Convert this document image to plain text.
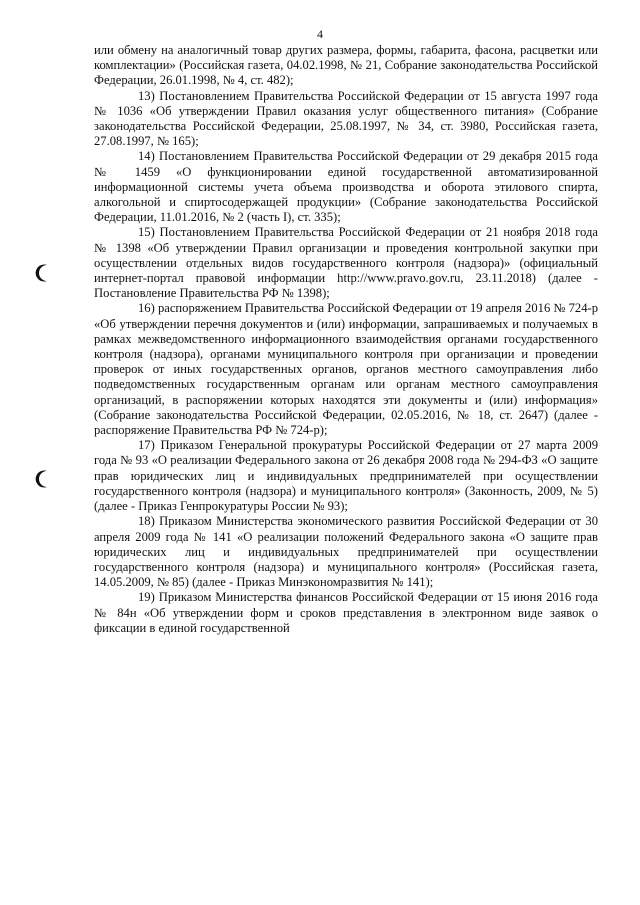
4

или обмену на аналогичный товар других размера, формы, габарита, фасона, расцветки или комплектации» (Российская газета, 04.02.1998, № 21, Собрание законодательства Российской Федерации, 26.01.1998, № 4, ст. 482);

13) Постановлением Правительства Российской Федерации от 15 августа 1997 года № 1036 «Об утверждении Правил оказания услуг общественного питания» (Собрание законодательства Российской Федерации, 25.08.1997, № 34, ст. 3980, Российская газета, 27.08.1997, № 165);

14) Постановлением Правительства Российской Федерации от 29 декабря 2015 года № 1459 «О функционировании единой государственной автоматизированной информационной системы учета объема производства и оборота этилового спирта, алкогольной и спиртосодержащей продукции» (Собрание законодательства Российской Федерации, 11.01.2016, № 2 (часть I), ст. 335);

15) Постановлением Правительства Российской Федерации от 21 ноября 2018 года № 1398 «Об утверждении Правил организации и проведения контрольной закупки при осуществлении отдельных видов государственного контроля (надзора)» (официальный интернет-портал правовой информации http://www.pravo.gov.ru, 23.11.2018) (далее - Постановление Правительства РФ № 1398);

16) распоряжением Правительства Российской Федерации от 19 апреля 2016 № 724-р «Об утверждении перечня документов и (или) информации, запрашиваемых и получаемых в рамках межведомственного информационного взаимодействия органами государственного контроля (надзора), органами муниципального контроля при организации и проведении проверок от иных государственных органов, органов местного самоуправления либо подведомственных государственным органам или органам местного самоуправления организаций, в распоряжении которых находятся эти документы и (или) информация» (Собрание законодательства Российской Федерации, 02.05.2016, № 18, ст. 2647) (далее - распоряжение Правительства РФ № 724-р);

17) Приказом Генеральной прокуратуры Российской Федерации от 27 марта 2009 года № 93 «О реализации Федерального закона от 26 декабря 2008 года № 294-ФЗ «О защите прав юридических лиц и индивидуальных предпринимателей при осуществлении государственного контроля (надзора) и муниципального контроля» (Законность, 2009, № 5) (далее - Приказ Генпрокуратуры России № 93);

18) Приказом Министерства экономического развития Российской Федерации от 30 апреля 2009 года № 141 «О реализации положений Федерального закона «О защите прав юридических лиц и индивидуальных предпринимателей при осуществлении государственного контроля (надзора) и муниципального контроля» (Российская газета, 14.05.2009, № 85) (далее - Приказ Минэкономразвития № 141);

19) Приказом Министерства финансов Российской Федерации от 15 июня 2016 года № 84н «Об утверждении форм и сроков представления в электронном виде заявок о фиксации в единой государственной
